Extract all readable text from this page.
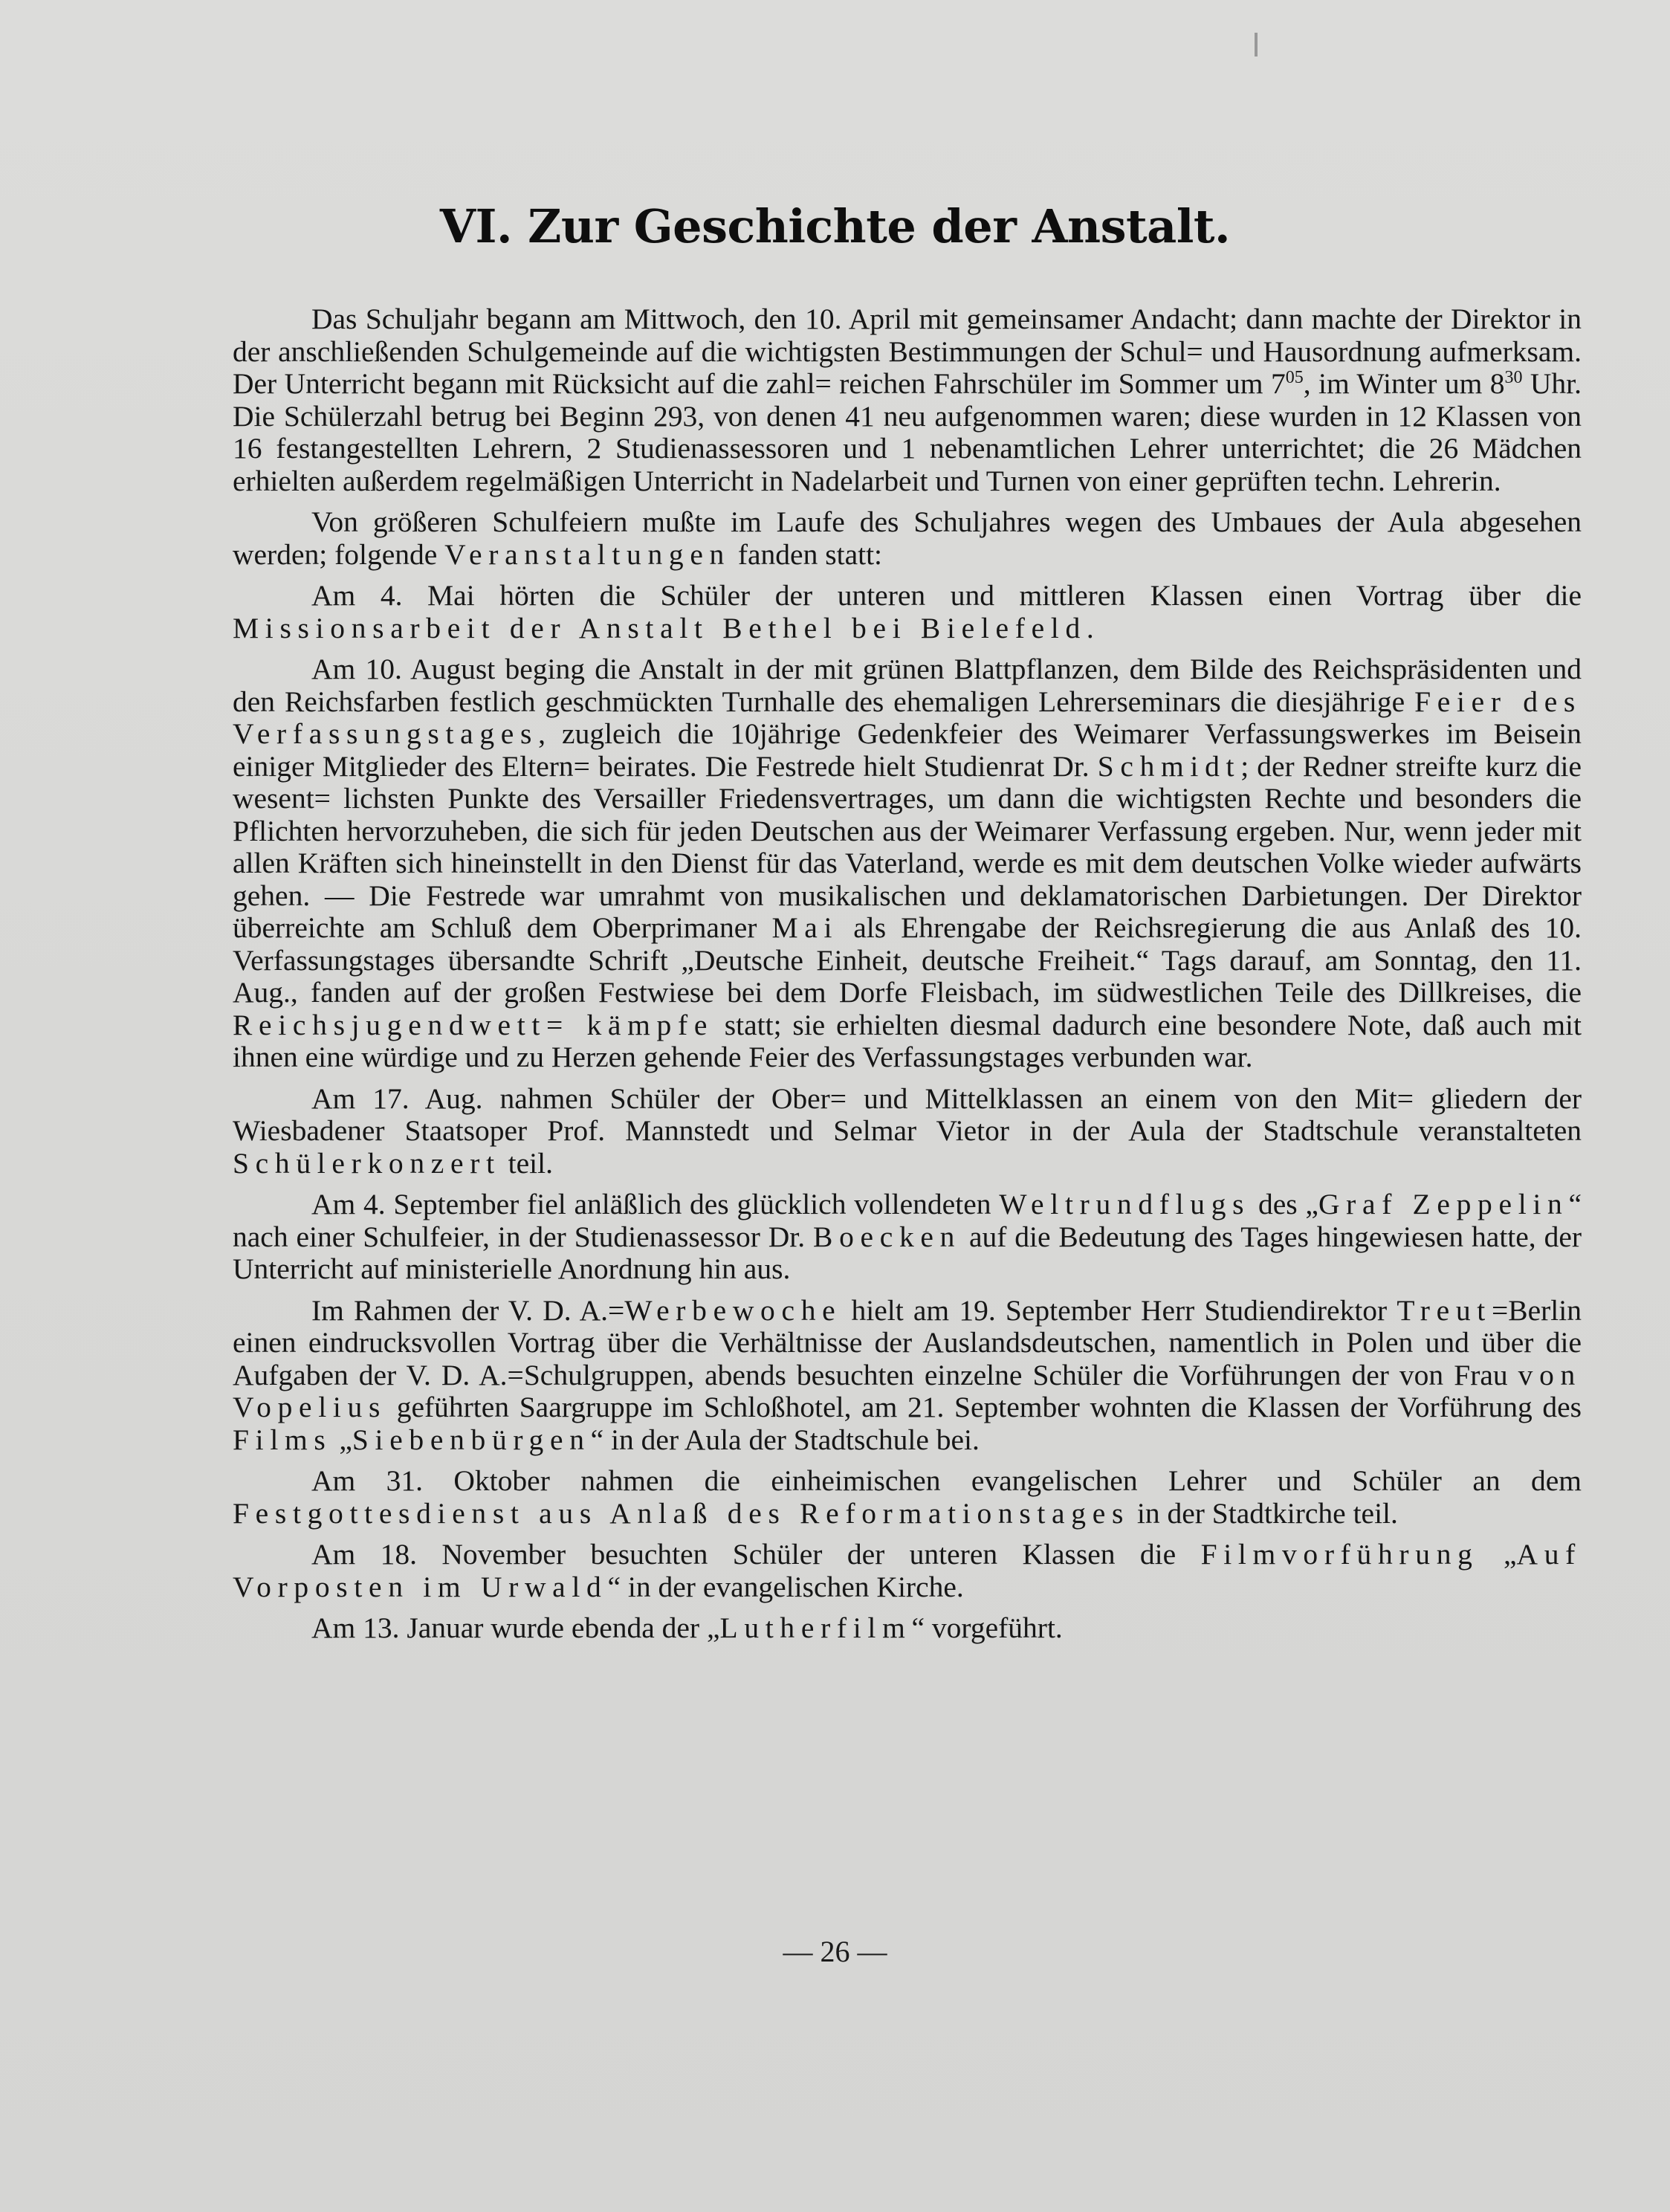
VI. Zur Geschichte der Anstalt.

Das Schuljahr begann am Mittwoch, den 10. April mit gemeinsamer Andacht; dann machte der Direktor in der anschließenden Schulgemeinde auf die wichtigsten Bestimmungen der Schul= und Hausordnung aufmerksam. Der Unterricht begann mit Rücksicht auf die zahl= reichen Fahrschüler im Sommer um $7^{05}$, im Winter um $8^{30}$ Uhr. Die Schülerzahl betrug bei Beginn 293, von denen 41 neu aufgenommen waren; diese wurden in 12 Klassen von 16 festangestellten Lehrern, 2 Studienassessoren und 1 nebenamtlichen Lehrer unterrichtet; die 26 Mädchen erhielten außerdem regelmäßigen Unterricht in Nadelarbeit und Turnen von einer geprüften techn. Lehrerin.

Von größeren Schulfeiern mußte im Laufe des Schuljahres wegen des Umbaues der Aula abgesehen werden; folgende Veranstaltungen fanden statt:

Am 4. Mai hörten die Schüler der unteren und mittleren Klassen einen Vortrag über die Missionsarbeit der Anstalt Bethel bei Bielefeld.

Am 10. August beging die Anstalt in der mit grünen Blattpflanzen, dem Bilde des Reichspräsidenten und den Reichsfarben festlich geschmückten Turnhalle des ehemaligen Lehrerseminars die diesjährige Feier des Verfassungstages, zugleich die 10jährige Gedenkfeier des Weimarer Verfassungswerkes im Beisein einiger Mitglieder des Eltern= beirates. Die Festrede hielt Studienrat Dr. Schmidt; der Redner streifte kurz die wesent= lichsten Punkte des Versailler Friedensvertrages, um dann die wichtigsten Rechte und besonders die Pflichten hervorzuheben, die sich für jeden Deutschen aus der Weimarer Verfassung ergeben. Nur, wenn jeder mit allen Kräften sich hineinstellt in den Dienst für das Vaterland, werde es mit dem deutschen Volke wieder aufwärts gehen. — Die Festrede war umrahmt von musikalischen und deklamatorischen Darbietungen. Der Direktor überreichte am Schluß dem Oberprimaner Mai als Ehrengabe der Reichsregierung die aus Anlaß des 10. Verfassungstages übersandte Schrift „Deutsche Einheit, deutsche Freiheit.“ Tags darauf, am Sonntag, den 11. Aug., fanden auf der großen Festwiese bei dem Dorfe Fleisbach, im südwestlichen Teile des Dillkreises, die Reichsjugendwett= kämpfe statt; sie erhielten diesmal dadurch eine besondere Note, daß auch mit ihnen eine würdige und zu Herzen gehende Feier des Verfassungstages verbunden war.

Am 17. Aug. nahmen Schüler der Ober= und Mittelklassen an einem von den Mit= gliedern der Wiesbadener Staatsoper Prof. Mannstedt und Selmar Vietor in der Aula der Stadtschule veranstalteten Schülerkonzert teil.

Am 4. September fiel anläßlich des glücklich vollendeten Weltrundflugs des „Graf Zeppelin“ nach einer Schulfeier, in der Studienassessor Dr. Boecken auf die Bedeutung des Tages hingewiesen hatte, der Unterricht auf ministerielle Anordnung hin aus.

Im Rahmen der V. D. A.=Werbewoche hielt am 19. September Herr Studiendirektor Treut=Berlin einen eindrucksvollen Vortrag über die Verhältnisse der Auslandsdeutschen, namentlich in Polen und über die Aufgaben der V. D. A.=Schulgruppen, abends besuchten einzelne Schüler die Vorführungen der von Frau von Vopelius geführten Saargruppe im Schloßhotel, am 21. September wohnten die Klassen der Vorführung des Films „Siebenbürgen“ in der Aula der Stadtschule bei.

Am 31. Oktober nahmen die einheimischen evangelischen Lehrer und Schüler an dem Festgottesdienst aus Anlaß des Reformationstages in der Stadtkirche teil.

Am 18. November besuchten Schüler der unteren Klassen die Filmvorführung „Auf Vorposten im Urwald“ in der evangelischen Kirche.

Am 13. Januar wurde ebenda der „Lutherfilm“ vorgeführt.

— 26 —
